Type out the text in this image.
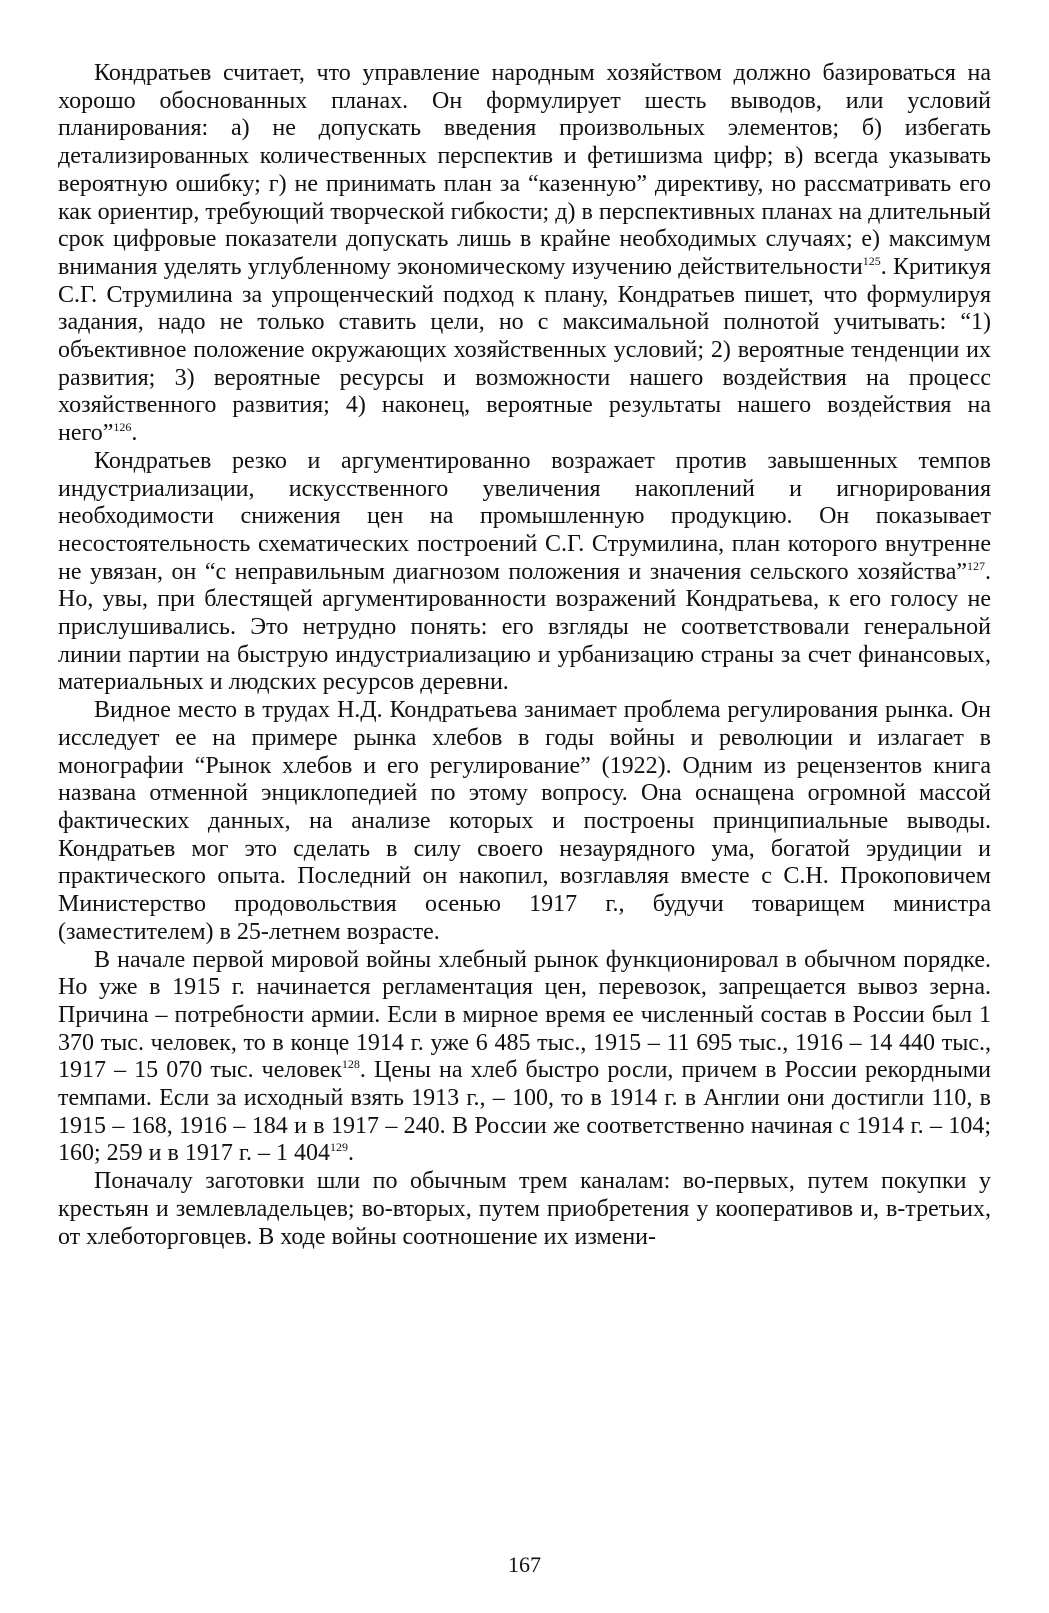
Кондратьев считает, что управление народным хозяйством должно базироваться на хорошо обоснованных планах. Он формулирует шесть выводов, или условий планирования: а) не допускать введения произвольных элементов; б) избегать детализированных количественных перспектив и фетишизма цифр; в) всегда указывать вероятную ошибку; г) не принимать план за “казенную” директиву, но рассматривать его как ориентир, требующий творческой гибкости; д) в перспективных планах на длительный срок цифровые показатели допускать лишь в крайне необходимых случаях; е) максимум внимания уделять углубленному экономическому изучению действительности$^{125}$. Критикуя С.Г. Струмилина за упрощенческий подход к плану, Кондратьев пишет, что формулируя задания, надо не только ставить цели, но с максимальной полнотой учитывать: “1) объективное положение окружающих хозяйственных условий; 2) вероятные тенденции их развития; 3) вероятные ресурсы и возможности нашего воздействия на процесс хозяйственного развития; 4) наконец, вероятные результаты нашего воздействия на него”$^{126}$.

Кондратьев резко и аргументированно возражает против завышенных темпов индустриализации, искусственного увеличения накоплений и игнорирования необходимости снижения цен на промышленную продукцию. Он показывает несостоятельность схематических построений С.Г. Струмилина, план которого внутренне не увязан, он “с неправильным диагнозом положения и значения сельского хозяйства”$^{127}$. Но, увы, при блестящей аргументированности возражений Кондратьева, к его голосу не прислушивались. Это нетрудно понять: его взгляды не соответствовали генеральной линии партии на быструю индустриализацию и урбанизацию страны за счет финансовых, материальных и людских ресурсов деревни.

Видное место в трудах Н.Д. Кондратьева занимает проблема регулирования рынка. Он исследует ее на примере рынка хлебов в годы войны и революции и излагает в монографии “Рынок хлебов и его регулирование” (1922). Одним из рецензентов книга названа отменной энциклопедией по этому вопросу. Она оснащена огромной массой фактических данных, на анализе которых и построены принципиальные выводы. Кондратьев мог это сделать в силу своего незаурядного ума, богатой эрудиции и практического опыта. Последний он накопил, возглавляя вместе с С.Н. Прокоповичем Министерство продовольствия осенью 1917 г., будучи товарищем министра (заместителем) в 25-летнем возрасте.

В начале первой мировой войны хлебный рынок функционировал в обычном порядке. Но уже в 1915 г. начинается регламентация цен, перевозок, запрещается вывоз зерна. Причина – потребности армии. Если в мирное время ее численный состав в России был 1 370 тыс. человек, то в конце 1914 г. уже 6 485 тыс., 1915 – 11 695 тыс., 1916 – 14 440 тыс., 1917 – 15 070 тыс. человек$^{128}$. Цены на хлеб быстро росли, причем в России рекордными темпами. Если за исходный взять 1913 г., – 100, то в 1914 г. в Англии они достигли 110, в 1915 – 168, 1916 – 184 и в 1917 – 240. В России же соответственно начиная с 1914 г. – 104; 160; 259 и в 1917 г. – 1 $404^{129}$.

Поначалу заготовки шли по обычным трем каналам: во-первых, путем покупки у крестьян и землевладельцев; во-вторых, путем приобретения у кооперативов и, в-третьих, от хлеботорговцев. В ходе войны соотношение их измени-

167
